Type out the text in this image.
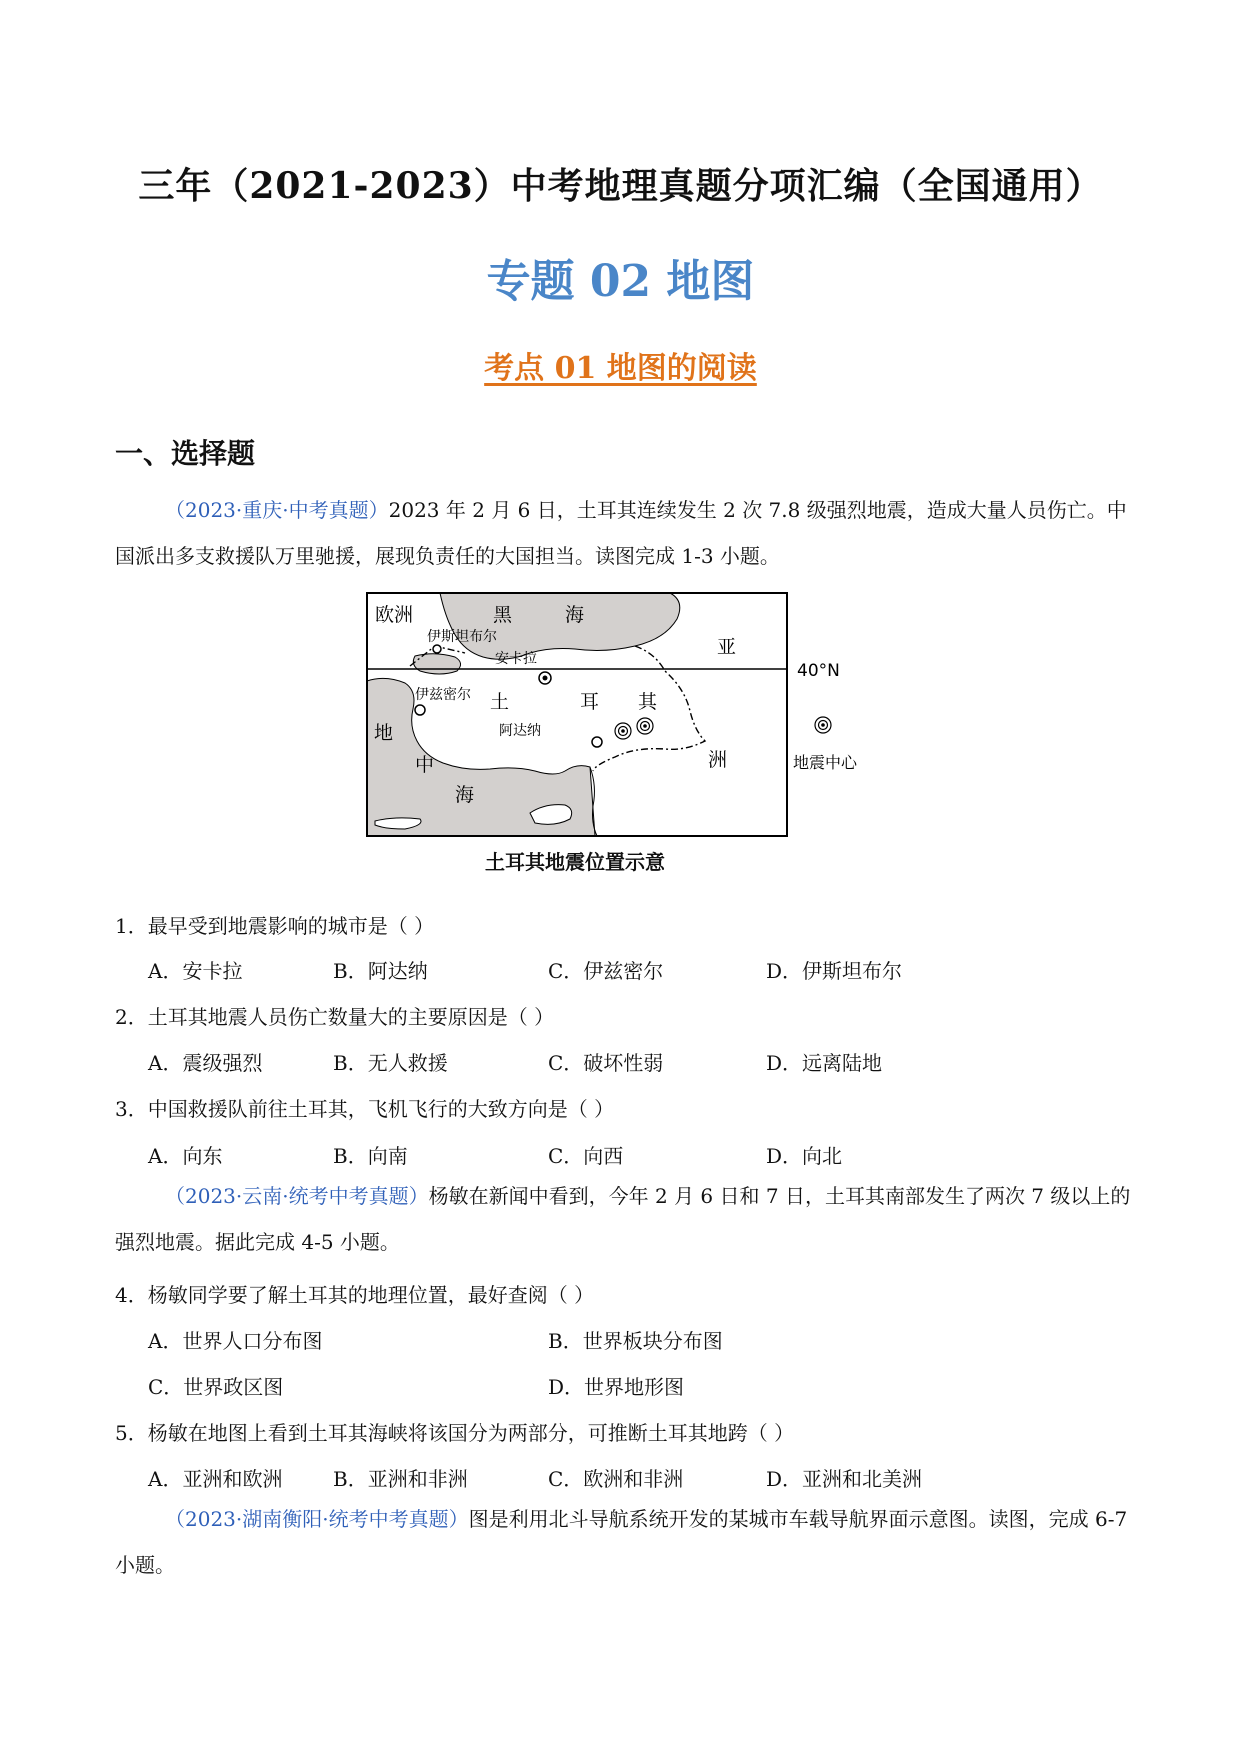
三年（2021-2023）中考地理真题分项汇编（全国通用）
专题 02 地图
考点 01 地图的阅读
一、选择题
（2023·重庆·中考真题）2023 年 2 月 6 日，土耳其连续发生 2 次 7.8 级强烈地震，造成大量人员伤亡。中国派出多支救援队万里驰援，展现负责任的大国担当。读图完成 1-3 小题。
欧洲	黑	海
伊斯坦布尔
安卡拉
亚
40°N
伊兹密尔 土	耳 其
地	阿达纳
中
海
洲	地震中心
土耳其地震位置示意
1．最早受到地震影响的城市是（ ）
A．安卡拉	B．阿达纳	C．伊兹密尔	D．伊斯坦布尔
2．土耳其地震人员伤亡数量大的主要原因是（ ）
A．震级强烈	B．无人救援	C．破坏性弱	D．远离陆地
3．中国救援队前往土耳其，飞机飞行的大致方向是（ ）
A．向东	B．向南	C．向西	D．向北
（2023·云南·统考中考真题）杨敏在新闻中看到，今年 2 月 6 日和 7 日，土耳其南部发生了两次 7 级以上的强烈地震。据此完成 4-5 小题。
4．杨敏同学要了解土耳其的地理位置，最好查阅（ ）
A．世界人口分布图	B．世界板块分布图
C．世界政区图	D．世界地形图
5．杨敏在地图上看到土耳其海峡将该国分为两部分，可推断土耳其地跨（ ）
A．亚洲和欧洲	B．亚洲和非洲	C．欧洲和非洲	D．亚洲和北美洲
（2023·湖南衡阳·统考中考真题）图是利用北斗导航系统开发的某城市车载导航界面示意图。读图，完成 6-7 小题。
